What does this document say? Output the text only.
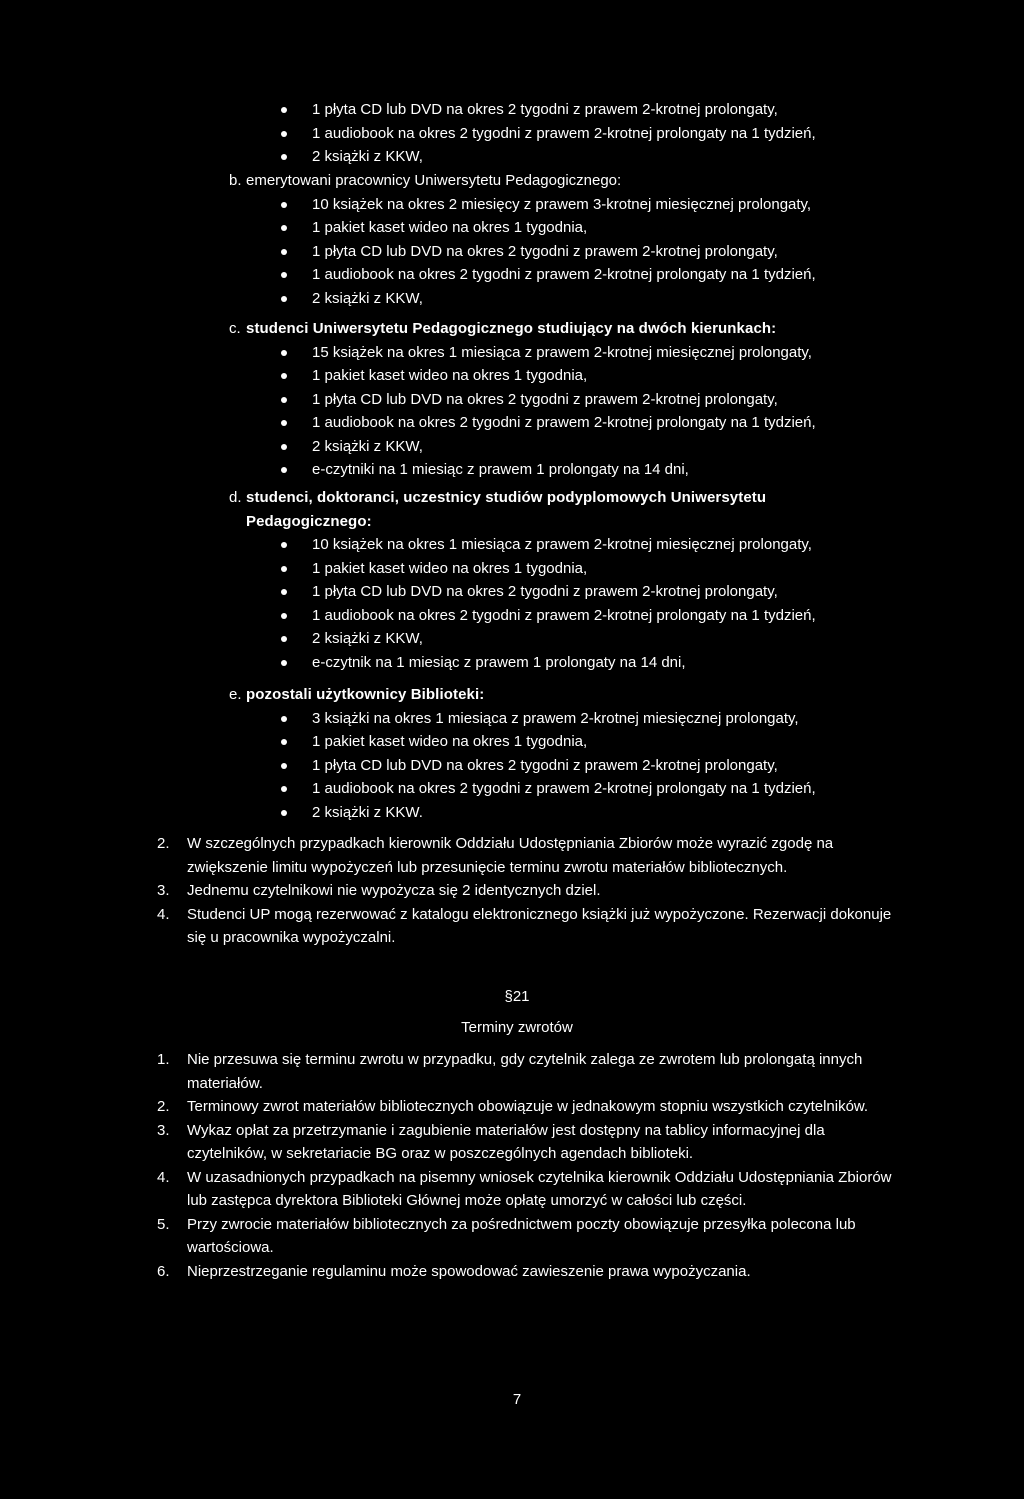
1 płyta CD lub DVD na okres 2 tygodni z prawem 2-krotnej prolongaty,
1 audiobook na okres 2 tygodni z prawem 2-krotnej prolongaty na 1 tydzień,
2 książki z KKW,
b. emerytowani pracownicy Uniwersytetu Pedagogicznego:
10 książek na okres 2 miesięcy z prawem 3-krotnej miesięcznej prolongaty,
1 pakiet kaset wideo na okres 1 tygodnia,
1 płyta CD lub DVD na okres 2 tygodni z prawem 2-krotnej prolongaty,
1 audiobook na okres 2 tygodni z prawem 2-krotnej prolongaty na 1 tydzień,
2 książki z KKW,
c. studenci Uniwersytetu Pedagogicznego studiujący na dwóch kierunkach:
15 książek na okres 1 miesiąca z prawem 2-krotnej miesięcznej prolongaty,
1 pakiet kaset wideo na okres 1 tygodnia,
1 płyta CD lub DVD na okres 2 tygodni z prawem 2-krotnej prolongaty,
1 audiobook na okres 2 tygodni z prawem 2-krotnej prolongaty na 1 tydzień,
2 książki z KKW,
e-czytniki na 1 miesiąc z prawem 1 prolongaty na 14 dni,
d. studenci, doktoranci, uczestnicy studiów podyplomowych Uniwersytetu Pedagogicznego:
10 książek na okres 1 miesiąca z prawem 2-krotnej miesięcznej prolongaty,
1 pakiet kaset wideo na okres 1 tygodnia,
1 płyta CD lub DVD na okres 2 tygodni z prawem 2-krotnej prolongaty,
1 audiobook na okres 2 tygodni z prawem 2-krotnej prolongaty na 1 tydzień,
2 książki z KKW,
e-czytnik na 1 miesiąc z prawem 1 prolongaty na 14 dni,
e. pozostali użytkownicy Biblioteki:
3 książki na okres 1 miesiąca z prawem 2-krotnej miesięcznej prolongaty,
1 pakiet kaset wideo na okres 1 tygodnia,
1 płyta CD lub DVD na okres 2 tygodni z prawem 2-krotnej prolongaty,
1 audiobook na okres 2 tygodni z prawem 2-krotnej prolongaty na 1 tydzień,
2 książki z KKW.
2. W szczególnych przypadkach kierownik Oddziału Udostępniania Zbiorów może wyrazić zgodę na zwiększenie limitu wypożyczeń lub przesunięcie terminu zwrotu materiałów bibliotecznych.
3. Jednemu czytelnikowi nie wypożycza się 2 identycznych dziel.
4. Studenci UP mogą rezerwować z katalogu elektronicznego książki już wypożyczone. Rezerwacji dokonuje się u pracownika wypożyczalni.
§21
Terminy zwrotów
1. Nie przesuwa się terminu zwrotu w przypadku, gdy czytelnik zalega ze zwrotem lub prolongatą innych materiałów.
2. Terminowy zwrot materiałów bibliotecznych obowiązuje w jednakowym stopniu wszystkich czytelników.
3. Wykaz opłat za przetrzymanie i zagubienie materiałów jest dostępny na tablicy informacyjnej dla czytelników, w sekretariacie BG oraz w poszczególnych agendach biblioteki.
4. W uzasadnionych przypadkach na pisemny wniosek czytelnika kierownik Oddziału Udostępniania Zbiorów lub zastępca dyrektora Biblioteki Głównej może opłatę umorzyć w całości lub części.
5. Przy zwrocie materiałów bibliotecznych za pośrednictwem poczty obowiązuje przesyłka polecona lub wartościowa.
6. Nieprzestrzeganie regulaminu może spowodować zawieszenie prawa wypożyczania.
7
